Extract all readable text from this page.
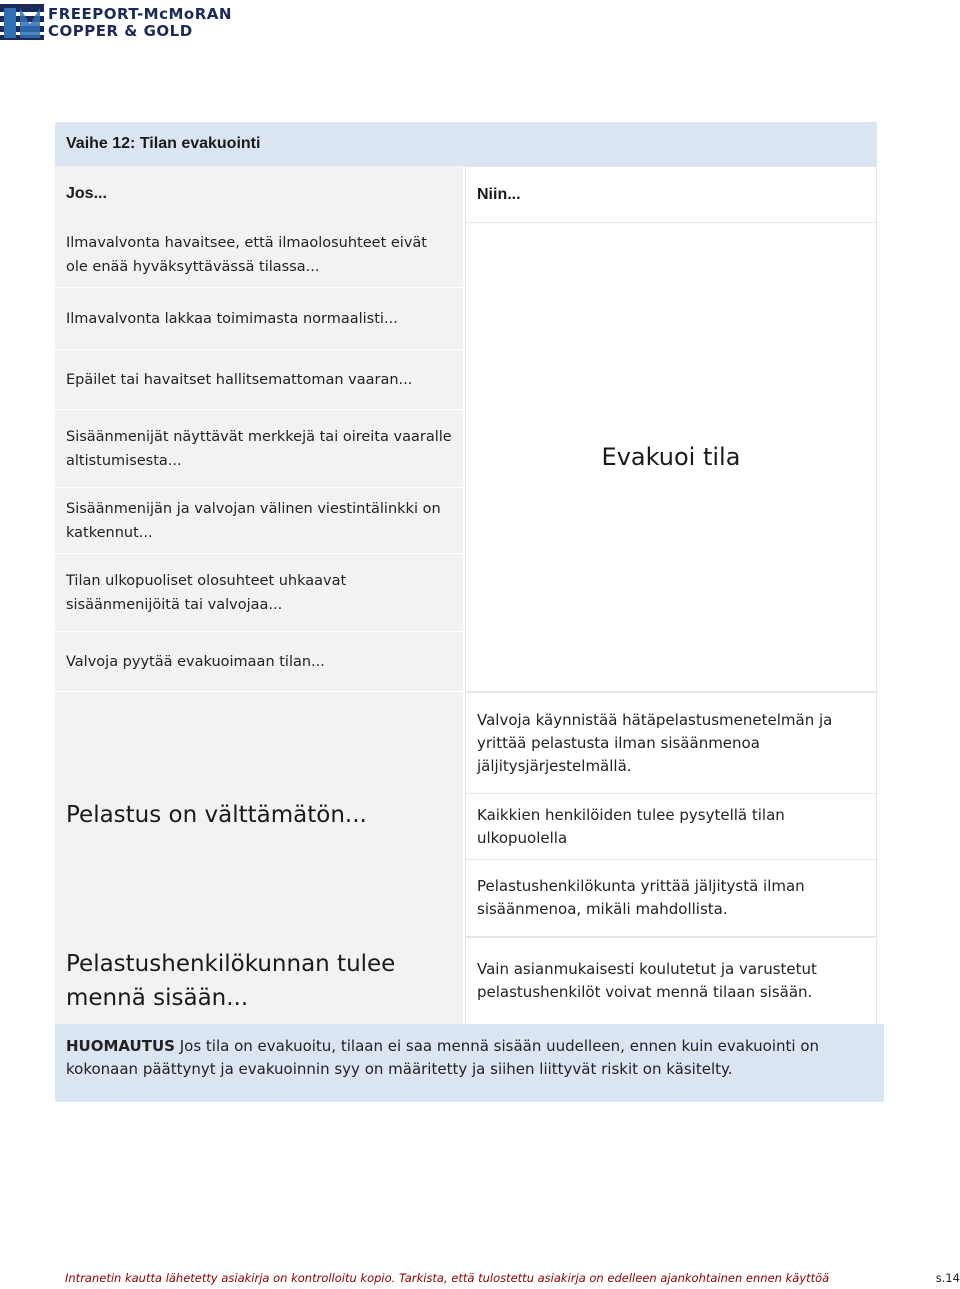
FREEPORT-McMoRAN
COPPER & GOLD
Vaihe 12: Tilan evakuointi
Jos...	Niin...
Ilmavalvonta havaitsee, että ilmaolosuhteet eivät ole enää hyväksyttävässä tilassa...
Ilmavalvonta lakkaa toimimasta normaalisti...
Epäilet tai havaitset hallitsemattoman vaaran...
Sisäänmenijät näyttävät merkkejä tai oireita vaaralle altistumisesta...
Sisäänmenijän ja valvojan välinen viestintälinkki on katkennut...
Tilan ulkopuoliset olosuhteet uhkaavat sisäänmenijöitä tai valvojaa...
Valvoja pyytää evakuoimaan tilan...
Evakuoi tila
Pelastus on välttämätön...
Valvoja käynnistää hätäpelastusmenetelmän ja yrittää pelastusta ilman sisäänmenoa jäljitysjärjestelmällä.
Kaikkien henkilöiden tulee pysytellä tilan ulkopuolella
Pelastushenkilökunta yrittää jäljitystä ilman sisäänmenoa, mikäli mahdollista.
Pelastushenkilökunnan tulee mennä sisään...
Vain asianmukaisesti koulutetut ja varustetut pelastushenkilöt voivat mennä tilaan sisään.
HUOMAUTUS Jos tila on evakuoitu, tilaan ei saa mennä sisään uudelleen, ennen kuin evakuointi on kokonaan päättynyt ja evakuoinnin syy on määritetty ja siihen liittyvät riskit on käsitelty.
Intranetin kautta lähetetty asiakirja on kontrolloitu kopio. Tarkista, että tulostettu asiakirja on edelleen ajankohtainen ennen käyttöä	s.14
